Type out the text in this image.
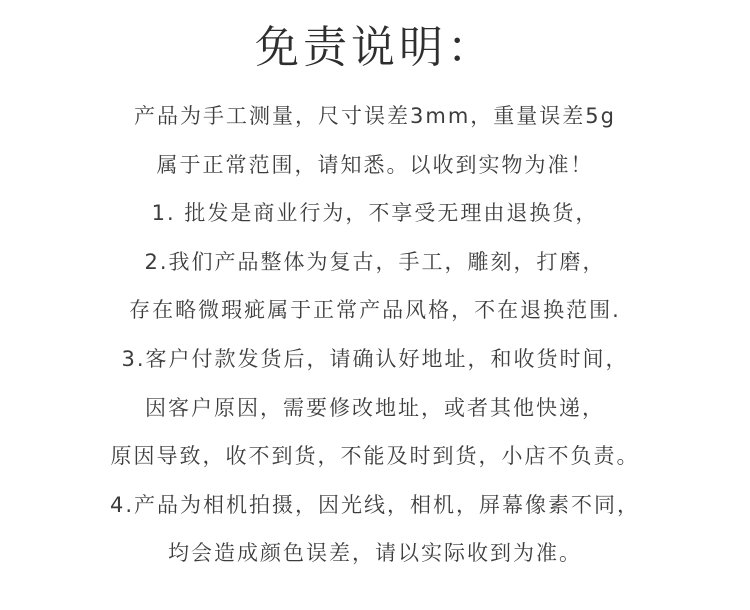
免责说明：
产品为手工测量，尺寸误差3mm，重量误差5g
属于正常范围，请知悉。以收到实物为准！
1. 批发是商业行为，不享受无理由退换货，
2.我们产品整体为复古，手工，雕刻，打磨，
存在略微瑕疵属于正常产品风格，不在退换范围.
3.客户付款发货后，请确认好地址，和收货时间，
因客户原因，需要修改地址，或者其他快递，
原因导致，收不到货，不能及时到货，小店不负责。
4.产品为相机拍摄，因光线，相机，屏幕像素不同，
均会造成颜色误差，请以实际收到为准。
